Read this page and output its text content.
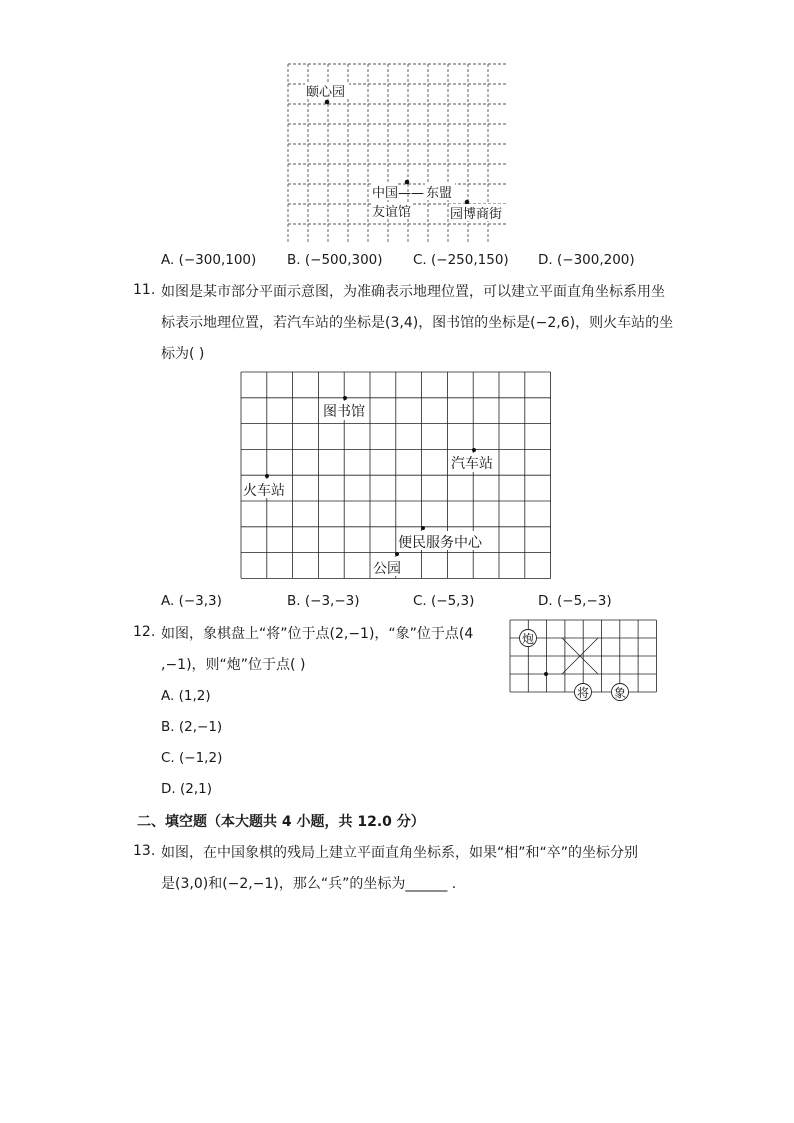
颐心园
中国 —— 东盟
友谊馆	园博商街
A. (−300,100) B. (−500,300) C. (−250,150) D. (−300,200)
11. 如图是某市部分平面示意图，为准确表示地理位置，可以建立平面直角坐标系用坐
标表示地理位置，若汽车站的坐标是(3,4)，图书馆的坐标是(−2,6)，则火车站的坐
标为( )
图书馆
汽车站
火车站
便民服务中心
公园
A. (−3,3)	B. (−3,−3)	C. (−5,3)	D. (−5,−3)
12. 如图，象棋盘上“将”位于点(2,−1)，“象”位于点(4
,−1)，则“炮”位于点( )
炮
将 象
A. (1,2)
B. (2,−1)
C. (−1,2)
D. (2,1)
二、填空题（本大题共 4 小题，共 12.0 分）
13. 如图，在中国象棋的残局上建立平面直角坐标系，如果“相”和“卒”的坐标分别
是(3,0)和(−2,−1)，那么“兵”的坐标为______ .
